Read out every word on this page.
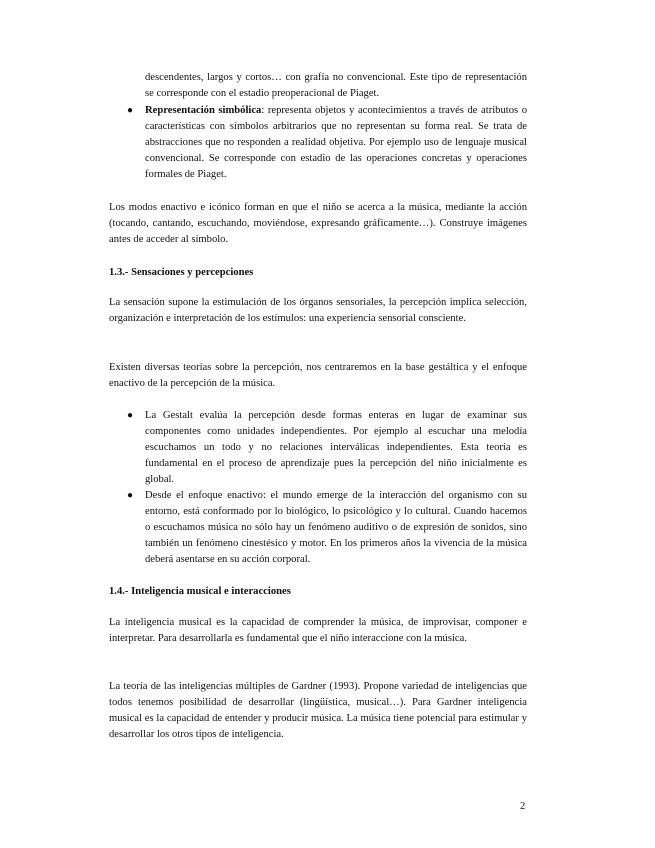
descendentes, largos y cortos… con grafía no convencional. Este tipo de representación se corresponde con el estadio preoperacional de Piaget.

● Representación simbólica: representa objetos y acontecimientos a través de atributos o características con símbolos arbitrarios que no representan su forma real. Se trata de abstracciones que no responden a realidad objetiva. Por ejemplo uso de lenguaje musical convencional. Se corresponde con estadio de las operaciones concretas y operaciones formales de Piaget.

Los modos enactivo e icónico forman en que el niño se acerca a la música, mediante la acción (tocando, cantando, escuchando, moviéndose, expresando gráficamente…). Construye imágenes antes de acceder al símbolo.

1.3.- Sensaciones y percepciones

La sensación supone la estimulación de los órganos sensoriales, la percepción implica selección, organización e interpretación de los estímulos: una experiencia sensorial consciente.

Existen diversas teorías sobre la percepción, nos centraremos en la base gestáltica y el enfoque enactivo de la percepción de la música.

● La Gestalt evalúa la percepción desde formas enteras en lugar de examinar sus componentes como unidades independientes. Por ejemplo al escuchar una melodía escuchamos un todo y no relaciones interválicas independientes. Esta teoría es fundamental en el proceso de aprendizaje pues la percepción del niño inicialmente es global.

● Desde el enfoque enactivo: el mundo emerge de la interacción del organismo con su entorno, está conformado por lo biológico, lo psicológico y lo cultural. Cuando hacemos o escuchamos música no sólo hay un fenómeno auditivo o de expresión de sonidos, sino también un fenómeno cinestésico y motor. En los primeros años la vivencia de la música deberá asentarse en su acción corporal.

1.4.- Inteligencia musical e interacciones

La inteligencia musical es la capacidad de comprender la música, de improvisar, componer e interpretar. Para desarrollarla es fundamental que el niño interaccione con la música.

La teoría de las inteligencias múltiples de Gardner (1993). Propone variedad de inteligencias que todos tenemos posibilidad de desarrollar (lingüística, musical…). Para Gardner inteligencia musical es la capacidad de entender y producir música. La música tiene potencial para estimular y desarrollar los otros tipos de inteligencia.

2
